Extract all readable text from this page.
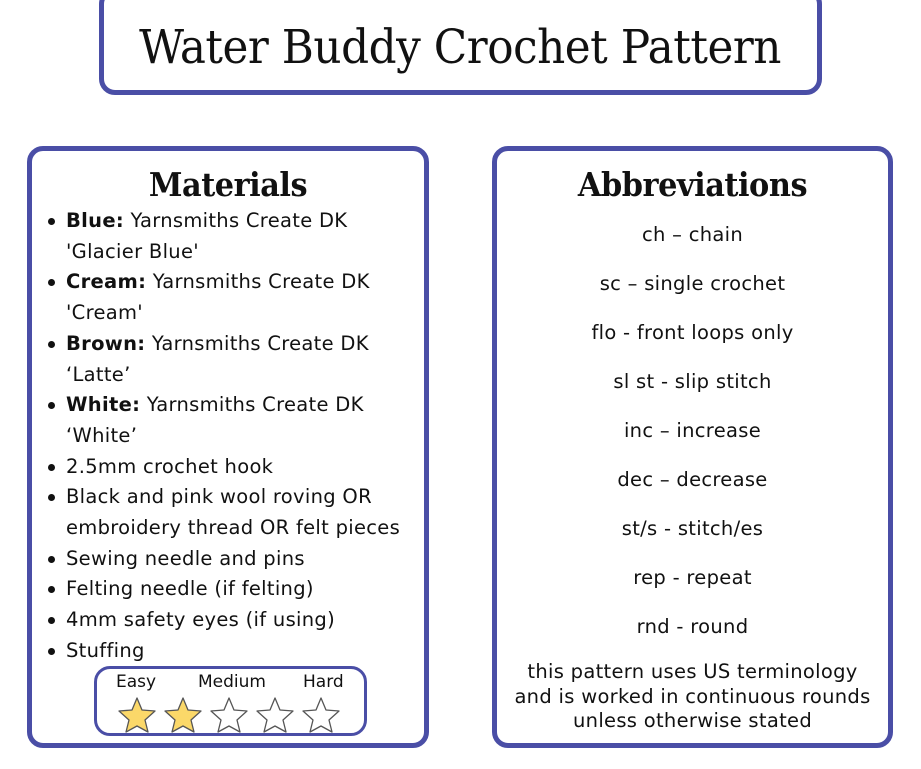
Water Buddy Crochet Pattern
Materials
Blue: Yarnsmiths Create DK
'Glacier Blue'
Cream: Yarnsmiths Create DK
'Cream'
Brown: Yarnsmiths Create DK
‘Latte’
White: Yarnsmiths Create DK
‘White’
2.5mm crochet hook
Black and pink wool roving OR
embroidery thread OR felt pieces
Sewing needle and pins
Felting needle (if felting)
4mm safety eyes (if using)
Stuffing
Easy Medium Hard
Abbreviations
ch – chain
sc – single crochet
flo - front loops only
sl st - slip stitch
inc – increase
dec – decrease
st/s - stitch/es
rep - repeat
rnd - round
this pattern uses US terminology
and is worked in continuous rounds
unless otherwise stated
